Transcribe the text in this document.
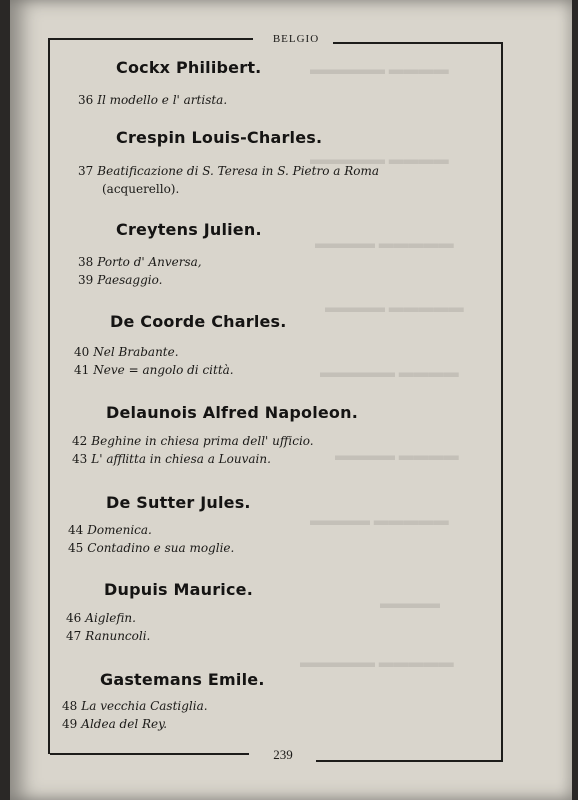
▬▬▬▬ ▬▬▬▬▬
▬▬▬▬ ▬▬▬▬▬
▬▬▬▬▬ ▬▬▬▬
▬▬▬▬▬ ▬▬▬▬
▬▬▬▬ ▬▬▬▬▬
▬▬▬▬ ▬▬▬▬
▬▬▬▬▬ ▬▬▬▬
▬▬▬▬
▬▬▬▬▬ ▬▬▬▬▬
BELGIO
239
Cockx Philibert.
36 Il modello e l' artista.
Crespin Louis-Charles.
37 Beatificazione di S. Teresa in S. Pietro a Roma
(acquerello).
Creytens Julien.
38 Porto d' Anversa,
39 Paesaggio.
De Coorde Charles.
40 Nel Brabante.
41 Neve = angolo di città.
Delaunois Alfred Napoleon.
42 Beghine in chiesa prima dell' ufficio.
43 L' afflitta in chiesa a Louvain.
De Sutter Jules.
44 Domenica.
45 Contadino e sua moglie.
Dupuis Maurice.
46 Aiglefin.
47 Ranuncoli.
Gastemans Emile.
48 La vecchia Castiglia.
49 Aldea del Rey.
